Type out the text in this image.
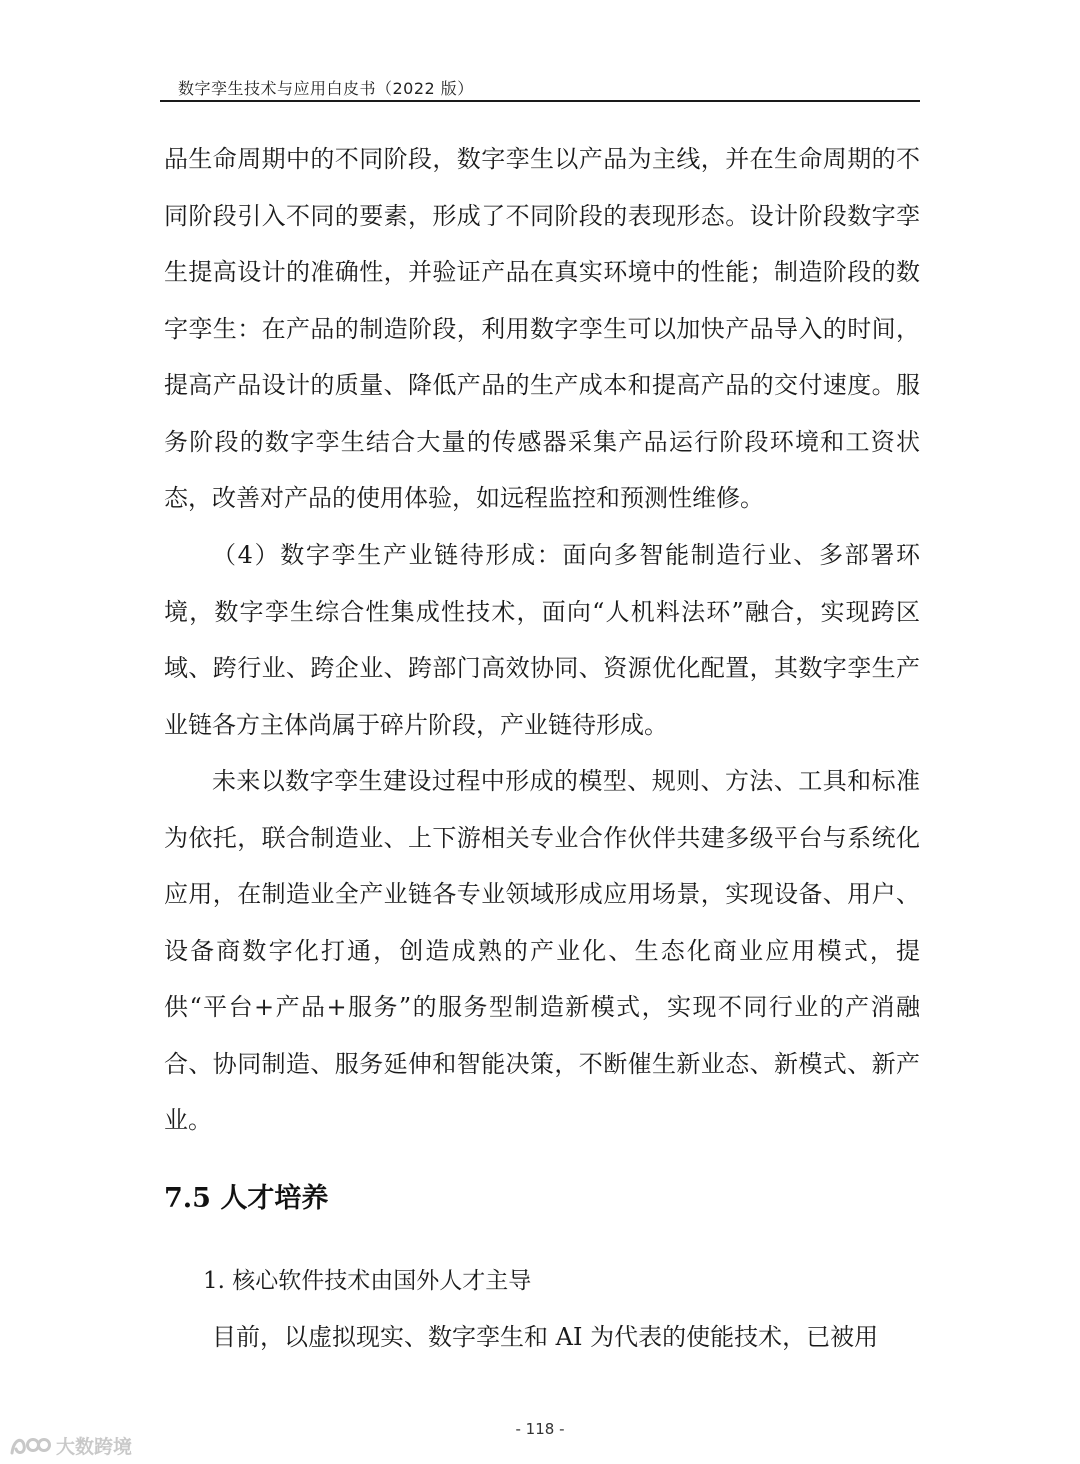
数字孪生技术与应用白皮书（2022 版）

品生命周期中的不同阶段，数字孪生以产品为主线，并在生命周期的不同阶段引入不同的要素，形成了不同阶段的表现形态。设计阶段数字孪生提高设计的准确性，并验证产品在真实环境中的性能；制造阶段的数字孪生：在产品的制造阶段，利用数字孪生可以加快产品导入的时间，提高产品设计的质量、降低产品的生产成本和提高产品的交付速度。服务阶段的数字孪生结合大量的传感器采集产品运行阶段环境和工资状态，改善对产品的使用体验，如远程监控和预测性维修。

（4）数字孪生产业链待形成：面向多智能制造行业、多部署环境，数字孪生综合性集成性技术，面向“人机料法环”融合，实现跨区域、跨行业、跨企业、跨部门高效协同、资源优化配置，其数字孪生产业链各方主体尚属于碎片阶段，产业链待形成。

未来以数字孪生建设过程中形成的模型、规则、方法、工具和标准为依托，联合制造业、上下游相关专业合作伙伴共建多级平台与系统化应用，在制造业全产业链各专业领域形成应用场景，实现设备、用户、设备商数字化打通，创造成熟的产业化、生态化商业应用模式，提供“平台+产品+服务”的服务型制造新模式，实现不同行业的产消融合、协同制造、服务延伸和智能决策，不断催生新业态、新模式、新产业。

7.5 人才培养
1. 核心软件技术由国外人才主导

目前，以虚拟现实、数字孪生和 AI 为代表的使能技术，已被用

- 118 -
大数跨境
